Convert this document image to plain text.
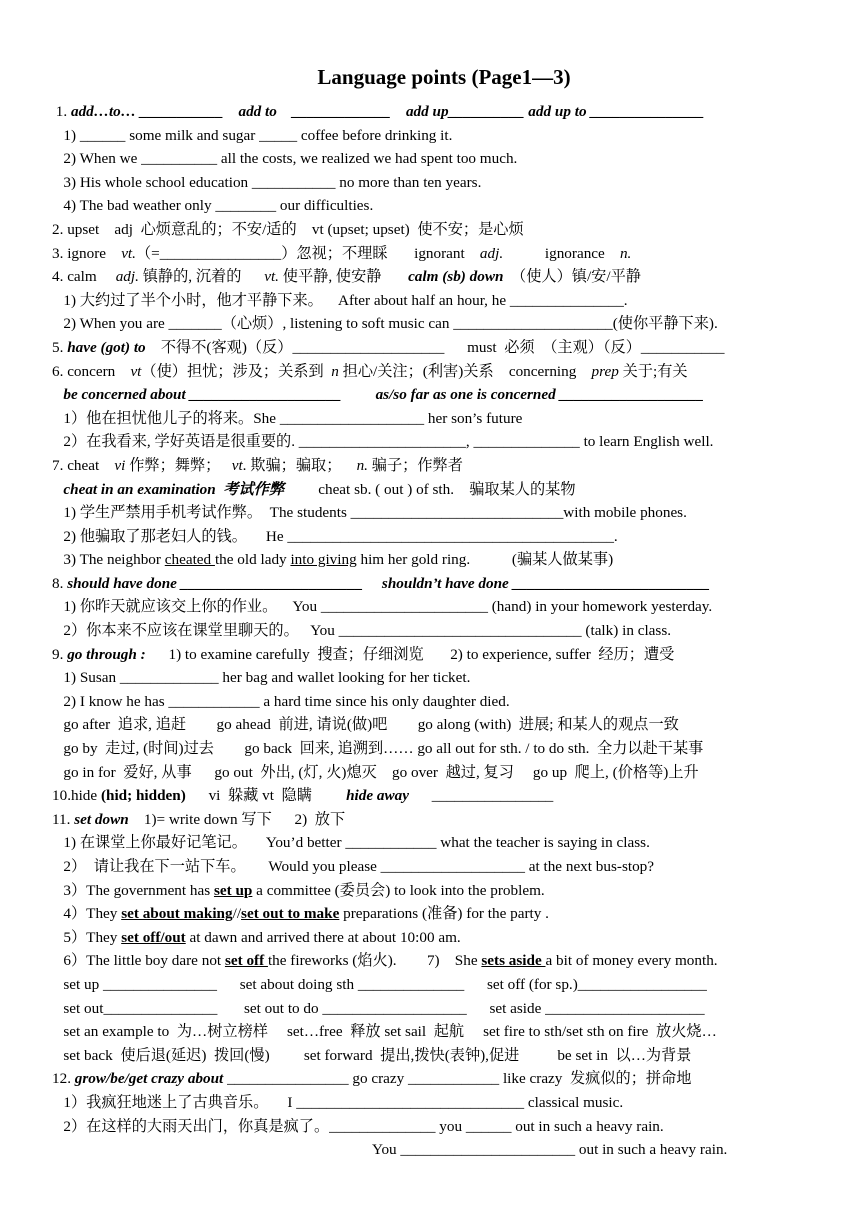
Language points (Page1—3)
1. add…to… ___________    add to    _____________    add up__________ add up to _______________
1) ______ some milk and sugar _____ coffee before drinking it.
2) When we __________ all the costs, we realized we had spent too much.
3) His whole school education ___________ no more than ten years.
4) The bad weather only ________ our difficulties.
2. upset    adj  心烦意乱的；不安/适的    vt (upset; upset)  使不安；是心烦
3. ignore    vt.（=________________）忽视；不理睬       ignorant    adj.           ignorance    n.
4. calm     adj. 镇静的, 沉着的      vt. 使平静, 使安静       calm (sb) down  （使人）镇/安/平静
1) 大约过了半个小时，他才平静下来。    After about half an hour, he _______________.
2) When you are _______（心烦）, listening to soft music can _____________________(使你平静下来).
5. have (got) to    不得不(客观)（反）____________________      must  必须  （主观）（反）___________
6. concern    vt（使）担忧；涉及；关系到  n 担心/关注；(利害)关系    concerning    prep 关于;有关
be concerned about ____________________         as/so far as one is concerned ___________________
1）他在担忧他儿子的将来。She ___________________ her son’s future
2）在我看来, 学好英语是很重要的. ______________________, ______________ to learn English well.
7. cheat    vi 作弊；舞弊；   vt. 欺骗；骗取；    n. 骗子；作弊者
cheat in an examination  考试作弊         cheat sb. ( out ) of sth.    骗取某人的某物
1) 学生严禁用手机考试作弊。  The students ____________________________with mobile phones.
2) 他骗取了那老妇人的钱。     He ___________________________________________.
3) The neighbor cheated the old lady into giving him her gold ring.           (骗某人做某事)
8. should have done ________________________     shouldn’t have done __________________________
1) 你昨天就应该交上你的作业。    You ______________________ (hand) in your homework yesterday.
2）你本来不应该在课堂里聊天的。   You ________________________________ (talk) in class.
9. go through :      1) to examine carefully  搜查；仔细浏览       2) to experience, suffer  经历；遭受
1) Susan _____________ her bag and wallet looking for her ticket.
2) I know he has ____________ a hard time since his only daughter died.
go after  追求, 追赶        go ahead  前进, 请说(做)吧        go along (with)  进展; 和某人的观点一致
go by  走过, (时间)过去        go back  回来, 追溯到…… go all out for sth. / to do sth.  全力以赴干某事
go in for  爱好, 从事      go out  外出, (灯, 火)熄灭    go over  越过, 复习     go up  爬上, (价格等)上升
10.hide (hid; hidden)      vi  躲藏 vt  隐瞒         hide away      ________________
11. set down    1)= write down 写下      2)  放下
1) 在课堂上你最好记笔记。     You’d better ____________ what the teacher is saying in class.
2）  请让我在下一站下车。      Would you please ___________________ at the next bus-stop?
3）The government has set up a committee (委员会) to look into the problem.
4）They set about making//set out to make preparations (准备) for the party .
5）They set off/out at dawn and arrived there at about 10:00 am.
6）The little boy dare not set off the fireworks (焰火).        7)    She sets aside a bit of money every month.
set up _______________      set about doing sth ______________      set off (for sp.)_________________
set out_______________       set out to do ___________________      set aside _____________________
set an example to  为…树立榜样     set…free  释放 set sail  起航     set fire to sth/set sth on fire  放火烧…
set back  使后退(延迟)  拨回(慢)         set forward  提出,拨快(表钟),促进          be set in  以…为背景
12. grow/be/get crazy about ________________ go crazy ____________ like crazy  发疯似的；拼命地
1）我疯狂地迷上了古典音乐。     I ______________________________ classical music.
2）在这样的大雨天出门，你真是疯了。______________ you ______ out in such a heavy rain.
You _______________________ out in such a heavy rain.
